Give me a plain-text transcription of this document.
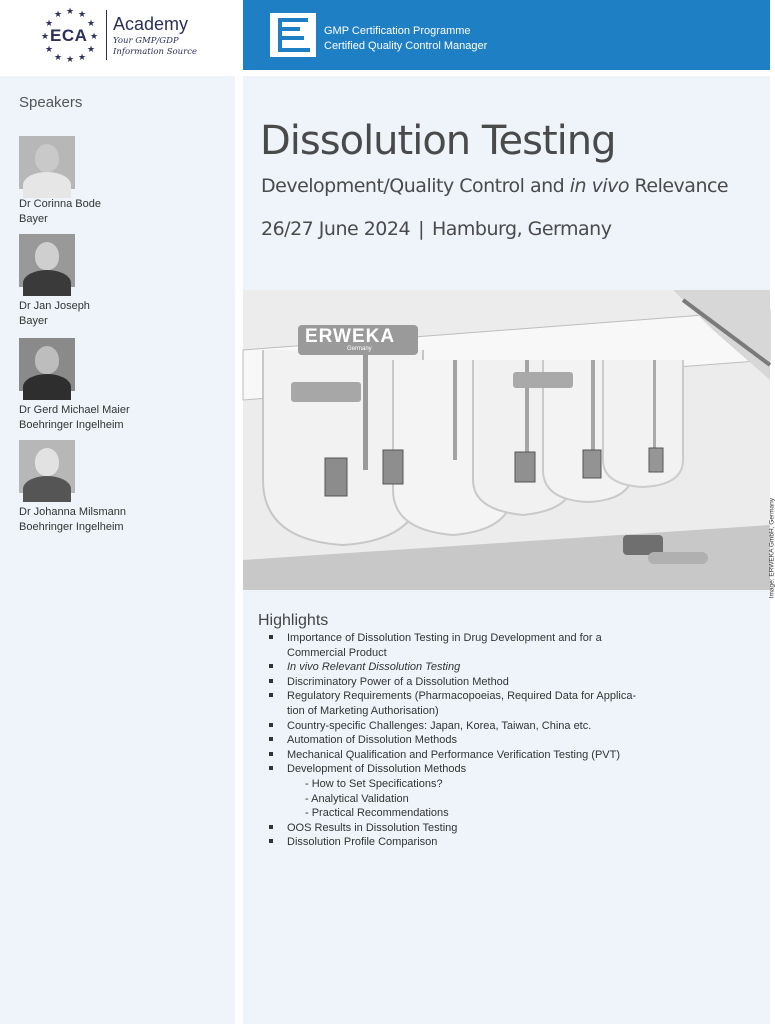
★ ★
★
★
★
★
★
★
★
★
★
★
ECA
Academy
Your GMP/GDP
Information Source
GMP Certification Programme
Certified Quality Control Manager
Speakers
Dr Corinna Bode
Bayer
Dr Jan Joseph
Bayer
Dr Gerd Michael Maier
Boehringer Ingelheim
Dr Johanna Milsmann
Boehringer Ingelheim
Dissolution Testing
Development/Quality Control and in vivo Relevance
26/27 June 2024 | Hamburg, Germany
ERWEKA
Germany
Image: ERWEKA GmbH, Germany
Highlights
Importance of Dissolution Testing in Drug Development and for a
Commercial Product
In vivo Relevant Dissolution Testing
Discriminatory Power of a Dissolution Method
Regulatory Requirements (Pharmacopoeias, Required Data for Applica-
tion of Marketing Authorisation)
Country-specific Challenges: Japan, Korea, Taiwan, China etc.
Automation of Dissolution Methods
Mechanical Qualification and Performance Verification Testing (PVT)
Development of Dissolution Methods
- How to Set Specifications?
- Analytical Validation
- Practical Recommendations
OOS Results in Dissolution Testing
Dissolution Profile Comparison
